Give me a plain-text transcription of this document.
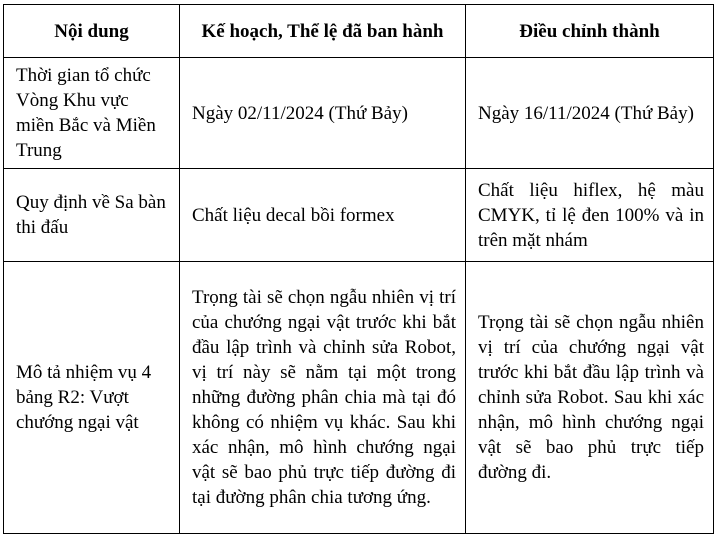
Nội dung	Kế hoạch, Thể lệ đã ban hành	Điều chỉnh thành
Thời gian tổ chức Vòng Khu vực miền Bắc và Miền Trung	Ngày 02/11/2024 (Thứ Bảy)	Ngày 16/11/2024 (Thứ Bảy)
Quy định về Sa bàn thi đấu	Chất liệu decal bồi formex	Chất liệu hiflex, hệ màu CMYK, tỉ lệ đen 100% và in trên mặt nhám
Mô tả nhiệm vụ 4 bảng R2: Vượt chướng ngại vật	Trọng tài sẽ chọn ngẫu nhiên vị trí của chướng ngại vật trước khi bắt đầu lập trình và chỉnh sửa Robot, vị trí này sẽ nằm tại một trong những đường phân chia mà tại đó không có nhiệm vụ khác. Sau khi xác nhận, mô hình chướng ngại vật sẽ bao phủ trực tiếp đường đi tại đường phân chia tương ứng.	Trọng tài sẽ chọn ngẫu nhiên vị trí của chướng ngại vật trước khi bắt đầu lập trình và chỉnh sửa Robot. Sau khi xác nhận, mô hình chướng ngại vật sẽ bao phủ trực tiếp đường đi.
